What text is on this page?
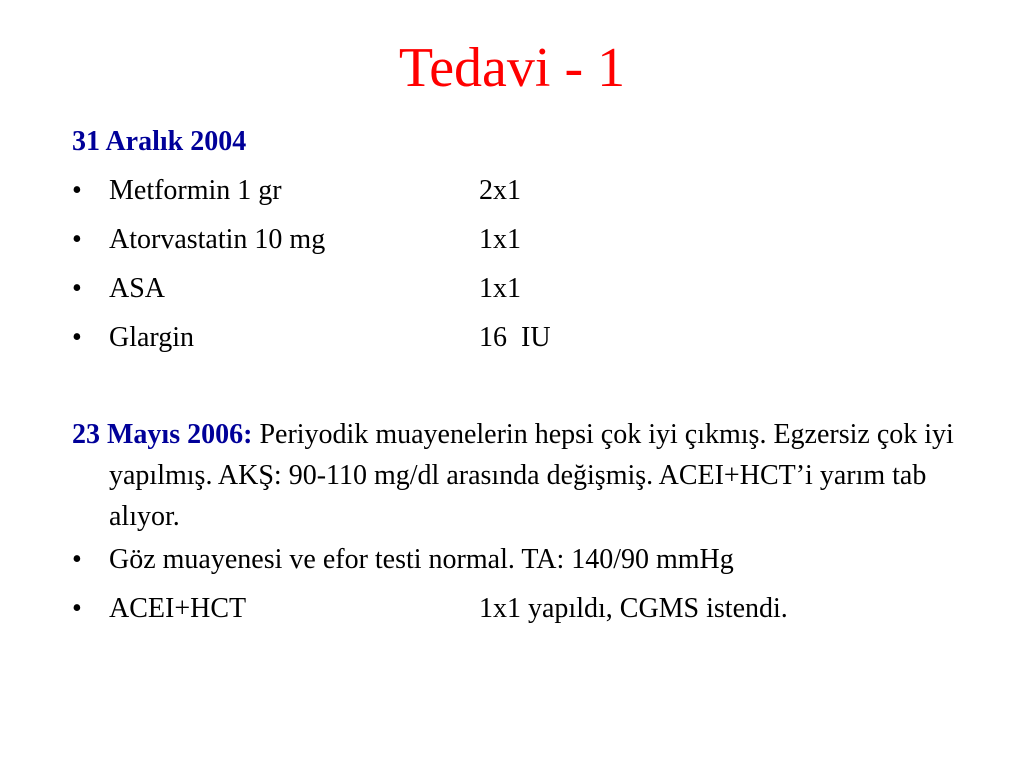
Tedavi - 1
31 Aralık 2004
• Metformin 1 gr	2x1
• Atorvastatin 10 mg	1x1
• ASA	1x1
• Glargin	16  IU
23 Mayıs 2006: Periyodik muayenelerin hepsi çok iyi çıkmış. Egzersiz çok iyi yapılmış. AKŞ: 90-110 mg/dl arasında değişmiş. ACEI+HCT’i yarım tab alıyor.
• Göz muayenesi ve efor testi normal. TA: 140/90 mmHg
• ACEI+HCT	1x1 yapıldı, CGMS istendi.
